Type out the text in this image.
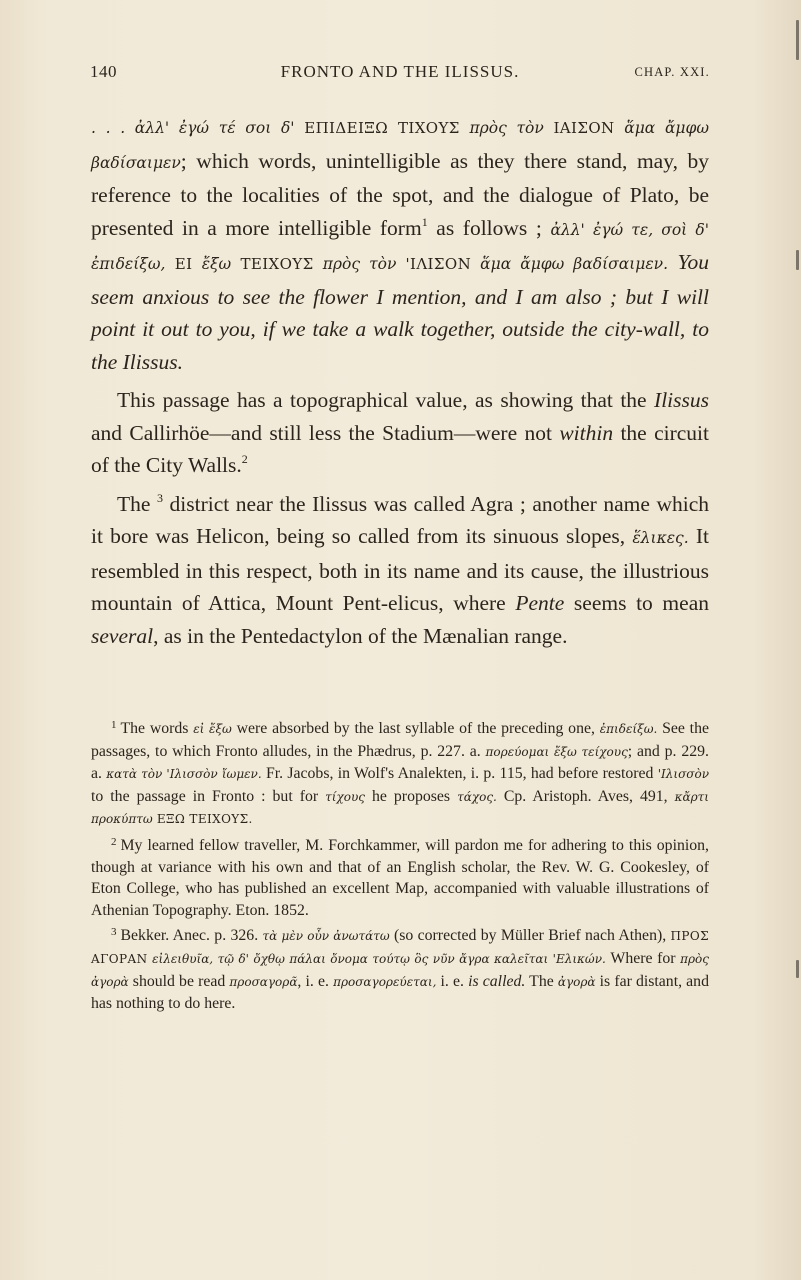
140	FRONTO AND THE ILISSUS.	CHAP. XXI.

. . . ἀλλ' ἐγώ τέ σοι δ' ΕΠΙΔΕΙΞΩ ΤΙΧΟΥΣ πρὸς τὸν ΙΑΙΣΟΝ ἅμα ἄμφω βαδίσαιμεν; which words, unintelligible as they there stand, may, by reference to the localities of the spot, and the dialogue of Plato, be presented in a more intelligible form$^1$ as follows ; ἀλλ' ἐγώ τε, σοὶ δ' ἐπιδείξω, ΕΙ ἔξω ΤΕΙΧΟΥΣ πρὸς τὸν 'ΙΛΙΣΟΝ ἅμα ἄμφω βαδίσαιμεν. You seem anxious to see the flower I mention, and I am also ; but I will point it out to you, if we take a walk together, outside the city-wall, to the Ilissus.

This passage has a topographical value, as showing that the Ilissus and Callirhöe—and still less the Stadium—were not within the circuit of the City Walls.$^2$

The $^3$ district near the Ilissus was called Agra ; another name which it bore was Helicon, being so called from its sinuous slopes, ἕλικες. It resembled in this respect, both in its name and its cause, the illustrious mountain of Attica, Mount Pent-elicus, where Pente seems to mean several, as in the Pentedactylon of the Mænalian range.

$^1$ The words εἰ ἔξω were absorbed by the last syllable of the preceding one, ἐπιδείξω. See the passages, to which Fronto alludes, in the Phædrus, p. 227. a. πορεύομαι ἔξω τείχους; and p. 229. a. κατὰ τὸν 'Ιλισσὸν ἴωμεν. Fr. Jacobs, in Wolf's Analekten, i. p. 115, had before restored 'Ιλισσὸν to the passage in Fronto : but for τίχους he proposes τάχος. Cp. Aristoph. Aves, 491, κἄρτι προκύπτω ΕΞΩ ΤΕΙΧΟΥΣ.

$^2$ My learned fellow traveller, M. Forchkammer, will pardon me for adhering to this opinion, though at variance with his own and that of an English scholar, the Rev. W. G. Cookesley, of Eton College, who has published an excellent Map, accompanied with valuable illustrations of Athenian Topography. Eton. 1852.

$^3$ Bekker. Anec. p. 326. τὰ μὲν οὖν ἀνωτάτω (so corrected by Müller Brief nach Athen), ΠΡΟΣ ΑΓΟΡΑΝ εἰλειθυῖα, τῷ δ' ὄχθῳ πάλαι ὄνομα τούτῳ ὃς νῦν ἄγρα καλεῖται 'Ελικών. Where for πρὸς ἀγορὰ should be read προσαγορᾶ, i. e. προσαγορεύεται, i. e. is called. The ἀγορὰ is far distant, and has nothing to do here.
